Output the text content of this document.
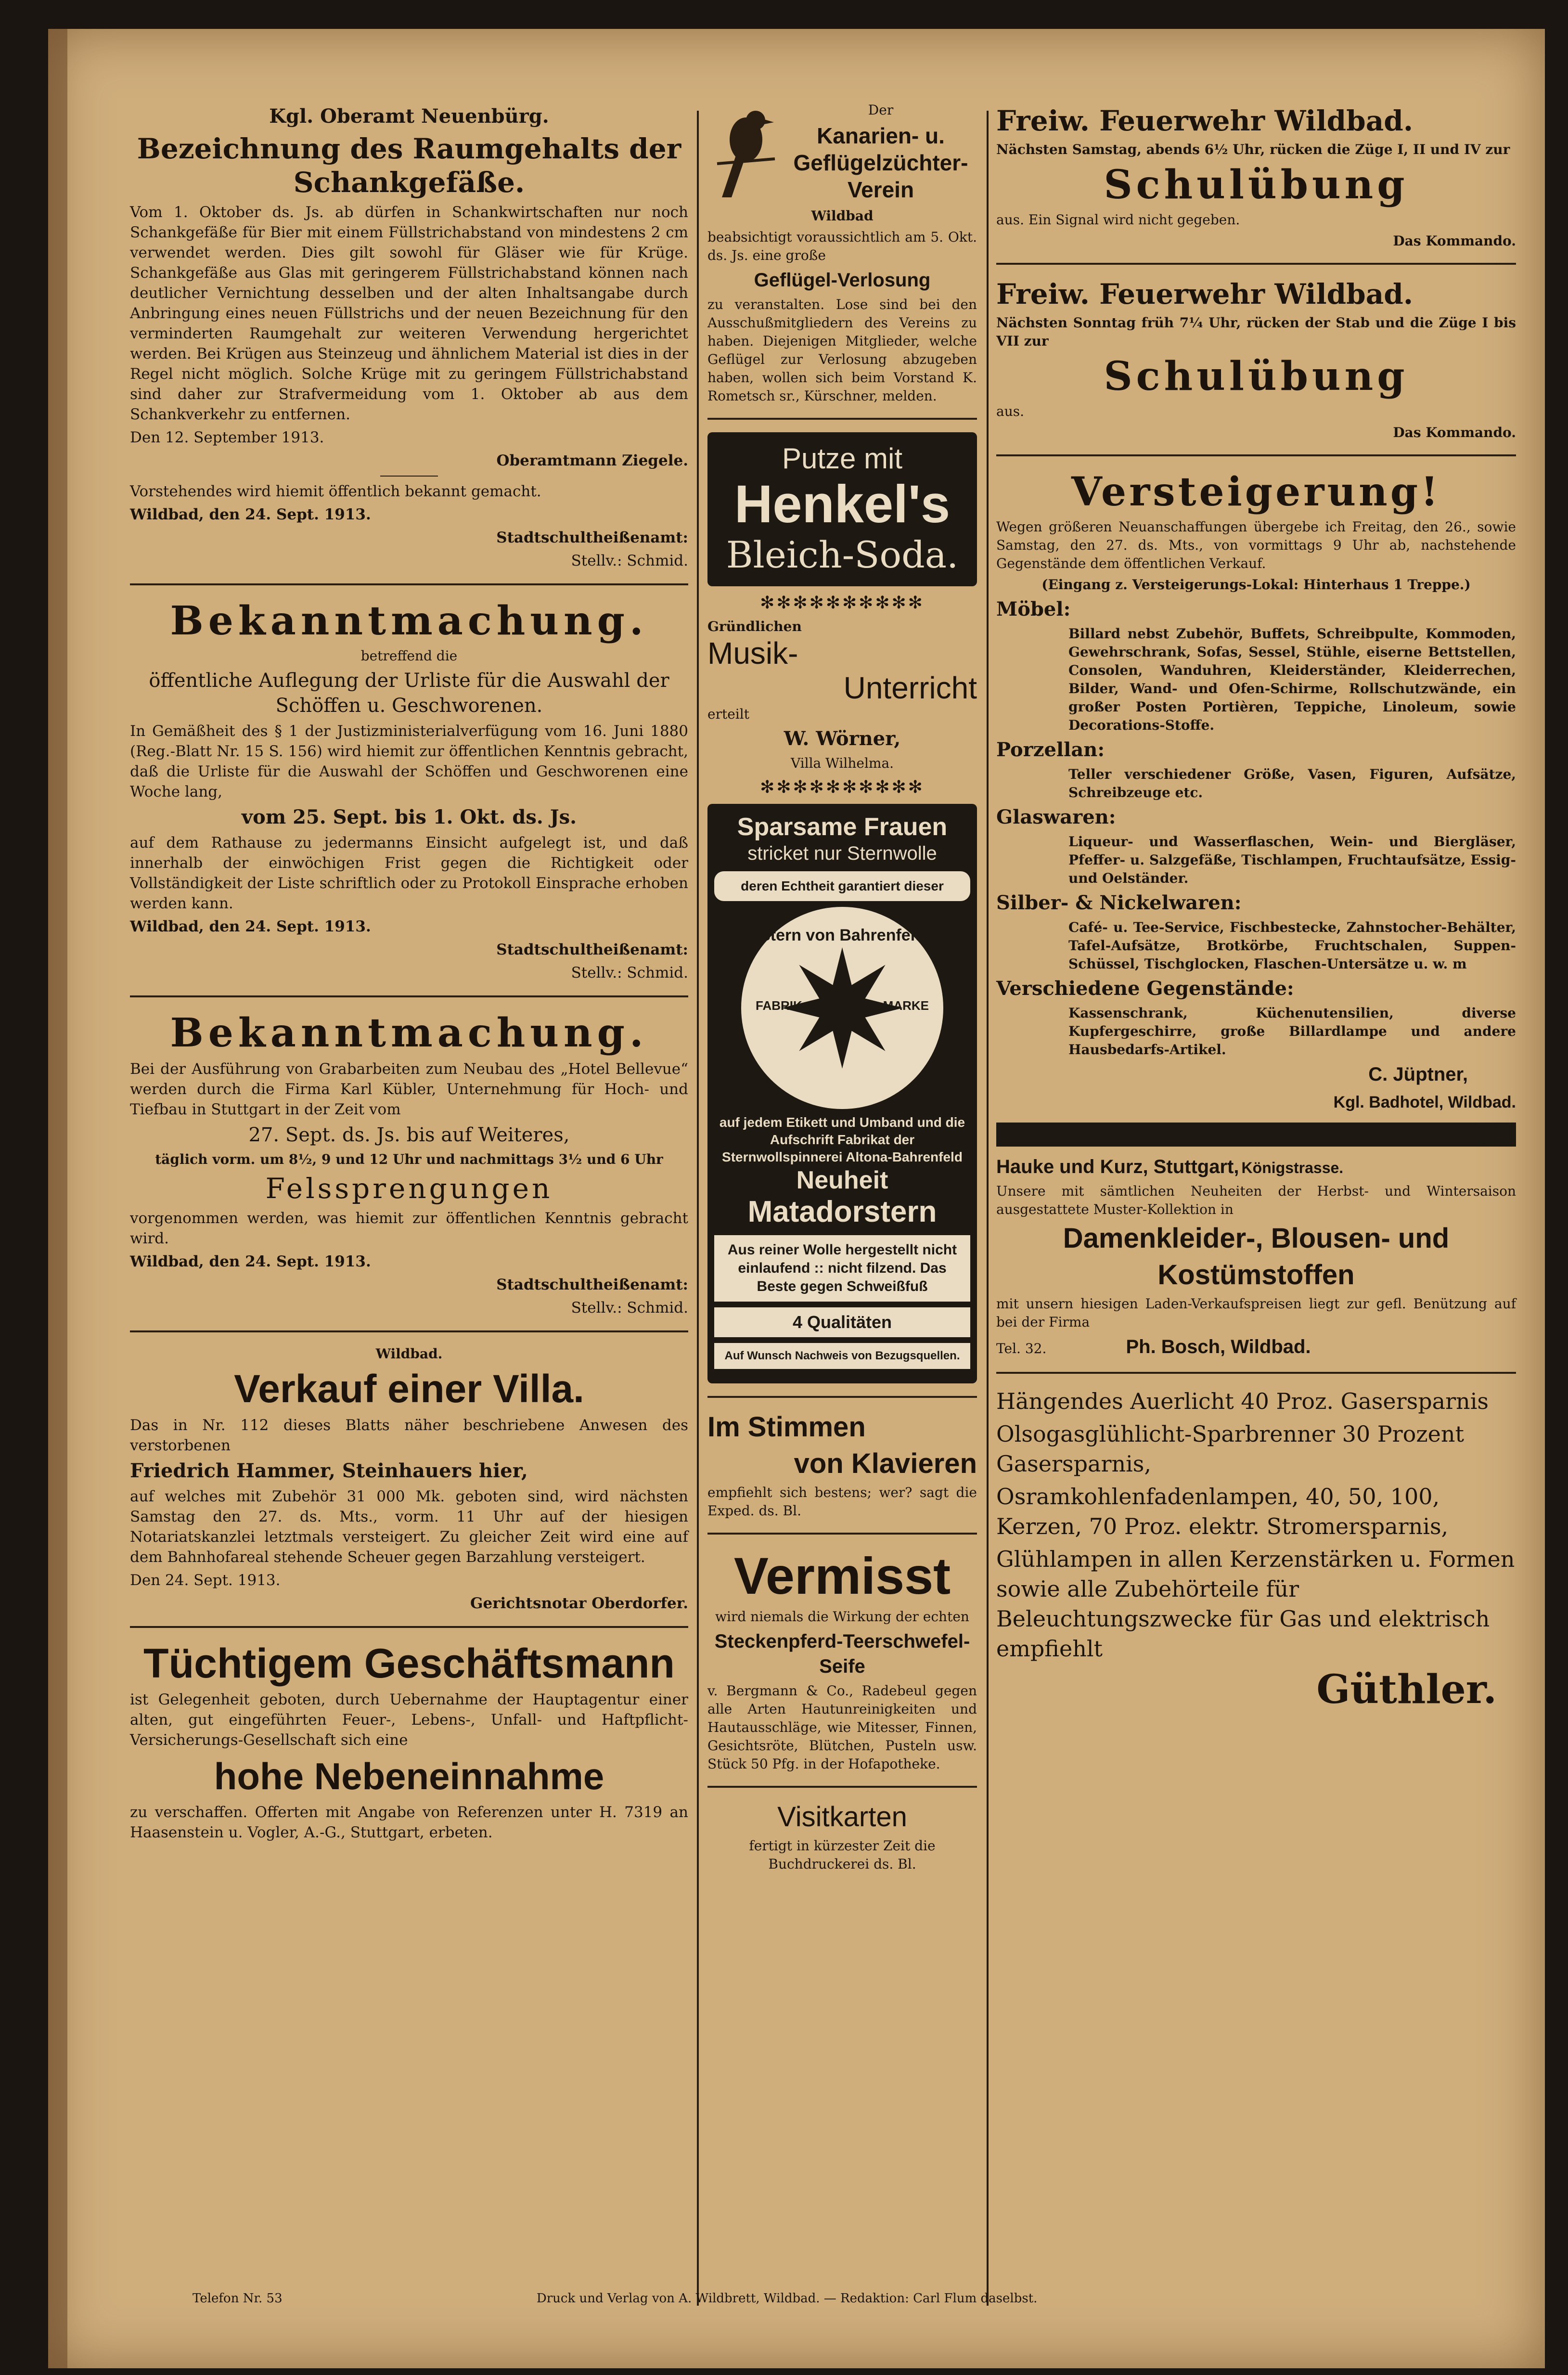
Kgl. Oberamt Neuenbürg.
Bezeichnung des Raumgehalts der Schankgefäße.

Vom 1. Oktober ds. Js. ab dürfen in Schankwirtschaften nur noch Schankgefäße für Bier mit einem Füllstrichabstand von mindestens 2 cm verwendet werden. Dies gilt sowohl für Gläser wie für Krüge. Schankgefäße aus Glas mit geringerem Füllstrichabstand können nach deutlicher Vernichtung desselben und der alten Inhaltsangabe durch Anbringung eines neuen Füllstrichs und der neuen Bezeichnung für den verminderten Raumgehalt zur weiteren Verwendung hergerichtet werden. Bei Krügen aus Steinzeug und ähnlichem Material ist dies in der Regel nicht möglich. Solche Krüge mit zu geringem Füllstrichabstand sind daher zur Strafvermeidung vom 1. Oktober ab aus dem Schankverkehr zu entfernen.

Den 12. September 1913.

Oberamtmann Ziegele.

Vorstehendes wird hiemit öffentlich bekannt gemacht.

Wildbad, den 24. Sept. 1913.

Stadtschultheißenamt:

Stellv.: Schmid.

Bekanntmachung.
betreffend die
öffentliche Auflegung der Urliste für die Auswahl der Schöffen u. Geschworenen.

In Gemäßheit des § 1 der Justizministerialverfügung vom 16. Juni 1880 (Reg.-Blatt Nr. 15 S. 156) wird hiemit zur öffentlichen Kenntnis gebracht, daß die Urliste für die Auswahl der Schöffen und Geschworenen eine Woche lang,

vom 25. Sept. bis 1. Okt. ds. Js.

auf dem Rathause zu jedermanns Einsicht aufgelegt ist, und daß innerhalb der einwöchigen Frist gegen die Richtigkeit oder Vollständigkeit der Liste schriftlich oder zu Protokoll Einsprache erhoben werden kann.

Wildbad, den 24. Sept. 1913.

Stadtschultheißenamt:

Stellv.: Schmid.

Bekanntmachung.

Bei der Ausführung von Grabarbeiten zum Neubau des „Hotel Bellevue“ werden durch die Firma Karl Kübler, Unternehmung für Hoch- und Tiefbau in Stuttgart in der Zeit vom

27. Sept. ds. Js. bis auf Weiteres,
täglich vorm. um 8½, 9 und 12 Uhr und nachmittags 3½ und 6 Uhr
Felssprengungen

vorgenommen werden, was hiemit zur öffentlichen Kenntnis gebracht wird.

Wildbad, den 24. Sept. 1913.

Stadtschultheißenamt:

Stellv.: Schmid.

Wildbad.
Verkauf einer Villa.

Das in Nr. 112 dieses Blatts näher beschriebene Anwesen des verstorbenen

Friedrich Hammer, Steinhauers hier,

auf welches mit Zubehör 31 000 Mk. geboten sind, wird nächsten Samstag den 27. ds. Mts., vorm. 11 Uhr auf der hiesigen Notariatskanzlei letztmals versteigert. Zu gleicher Zeit wird eine auf dem Bahnhofareal stehende Scheuer gegen Barzahlung versteigert.

Den 24. Sept. 1913.

Gerichtsnotar Oberdorfer.

Tüchtigem Geschäftsmann

ist Gelegenheit geboten, durch Uebernahme der Hauptagentur einer alten, gut eingeführten Feuer-, Lebens-, Unfall- und Haftpflicht-Versicherungs-Gesellschaft sich eine

hohe Nebeneinnahme

zu verschaffen. Offerten mit Angabe von Referenzen unter H. 7319 an Haasenstein u. Vogler, A.-G., Stuttgart, erbeten.

Der
Kanarien- u. Geflügelzüchter-Verein
Wildbad

beabsichtigt voraussichtlich am 5. Okt. ds. Js. eine große

Geflügel-Verlosung

zu veranstalten. Lose sind bei den Ausschußmitgliedern des Vereins zu haben. Diejenigen Mitglieder, welche Geflügel zur Verlosung abzugeben haben, wollen sich beim Vorstand K. Rometsch sr., Kürschner, melden.

Putze mit
Henkel's
Bleich-Soda.
✻✻✻✻✻✻✻✻✻✻
Gründlichen
Musik-
Unterricht
erteilt
W. Wörner,
Villa Wilhelma.
✻✻✻✻✻✻✻✻✻✻
Sparsame Frauen
stricket nur Sternwolle
deren Echtheit garantiert dieser
Stern von Bahrenfeld
FABRIK	MARKE
auf jedem Etikett und Umband und die Aufschrift Fabrikat der Sternwollspinnerei Altona-Bahrenfeld
Neuheit
Matadorstern
Aus reiner Wolle hergestellt nicht einlaufend :: nicht filzend. Das Beste gegen Schweißfuß
4 Qualitäten
Auf Wunsch Nachweis von Bezugsquellen.
Im Stimmen
von Klavieren

empfiehlt sich bestens; wer? sagt die Exped. ds. Bl.

Vermisst
wird niemals die Wirkung der echten
Steckenpferd-Teerschwefel-Seife

v. Bergmann & Co., Radebeul gegen alle Arten Hautunreinigkeiten und Hautausschläge, wie Mitesser, Finnen, Gesichtsröte, Blütchen, Pusteln usw. Stück 50 Pfg. in der Hofapotheke.

Visitkarten

fertigt in kürzester Zeit die Buchdruckerei ds. Bl.

Freiw. Feuerwehr Wildbad.

Nächsten Samstag, abends 6½ Uhr, rücken die Züge I, II und IV zur

Schulübung

aus. Ein Signal wird nicht gegeben.

Das Kommando.

Freiw. Feuerwehr Wildbad.

Nächsten Sonntag früh 7¼ Uhr, rücken der Stab und die Züge I bis VII zur

Schulübung

aus.

Das Kommando.

Versteigerung!

Wegen größeren Neuanschaffungen übergebe ich Freitag, den 26., sowie Samstag, den 27. ds. Mts., von vormittags 9 Uhr ab, nachstehende Gegenstände dem öffentlichen Verkauf.

(Eingang z. Versteigerungs-Lokal: Hinterhaus 1 Treppe.)
Möbel:

Billard nebst Zubehör, Buffets, Schreibpulte, Kommoden, Gewehrschrank, Sofas, Sessel, Stühle, eiserne Bettstellen, Consolen, Wanduhren, Kleiderständer, Kleiderrechen, Bilder, Wand- und Ofen-Schirme, Rollschutzwände, ein großer Posten Portièren, Teppiche, Linoleum, sowie Decorations-Stoffe.

Porzellan:

Teller verschiedener Größe, Vasen, Figuren, Aufsätze, Schreibzeuge etc.

Glaswaren:

Liqueur- und Wasserflaschen, Wein- und Biergläser, Pfeffer- u. Salzgefäße, Tischlampen, Fruchtaufsätze, Essig- und Oelständer.

Silber- & Nickelwaren:

Café- u. Tee-Service, Fischbestecke, Zahnstocher-Behälter, Tafel-Aufsätze, Brotkörbe, Fruchtschalen, Suppen-Schüssel, Tischglocken, Flaschen-Untersätze u. w. m

Verschiedene Gegenstände:

Kassenschrank, Küchenutensilien, diverse Kupfergeschirre, große Billardlampe und andere Hausbedarfs-Artikel.

C. Jüptner,
Kgl. Badhotel, Wildbad.
Hauke und Kurz, Stuttgart, Königstrasse.

Unsere mit sämtlichen Neuheiten der Herbst- und Wintersaison ausgestattete Muster-Kollektion in

Damenkleider-, Blousen- und
Kostümstoffen

mit unsern hiesigen Laden-Verkaufspreisen liegt zur gefl. Benützung auf bei der Firma

Tel. 32.	Ph. Bosch, Wildbad.
Hängendes Auerlicht 40 Proz. Gasersparnis
Olsogasglühlicht-Sparbrenner 30 Prozent Gasersparnis,
Osramkohlenfadenlampen, 40, 50, 100, Kerzen, 70 Proz. elektr. Stromersparnis,
Glühlampen in allen Kerzenstärken u. Formen sowie alle Zubehörteile für Beleuchtungszwecke für Gas und elektrisch empfiehlt
Güthler.
Telefon Nr. 53	Druck und Verlag von A. Wildbrett, Wildbad. — Redaktion: Carl Flum daselbst.
